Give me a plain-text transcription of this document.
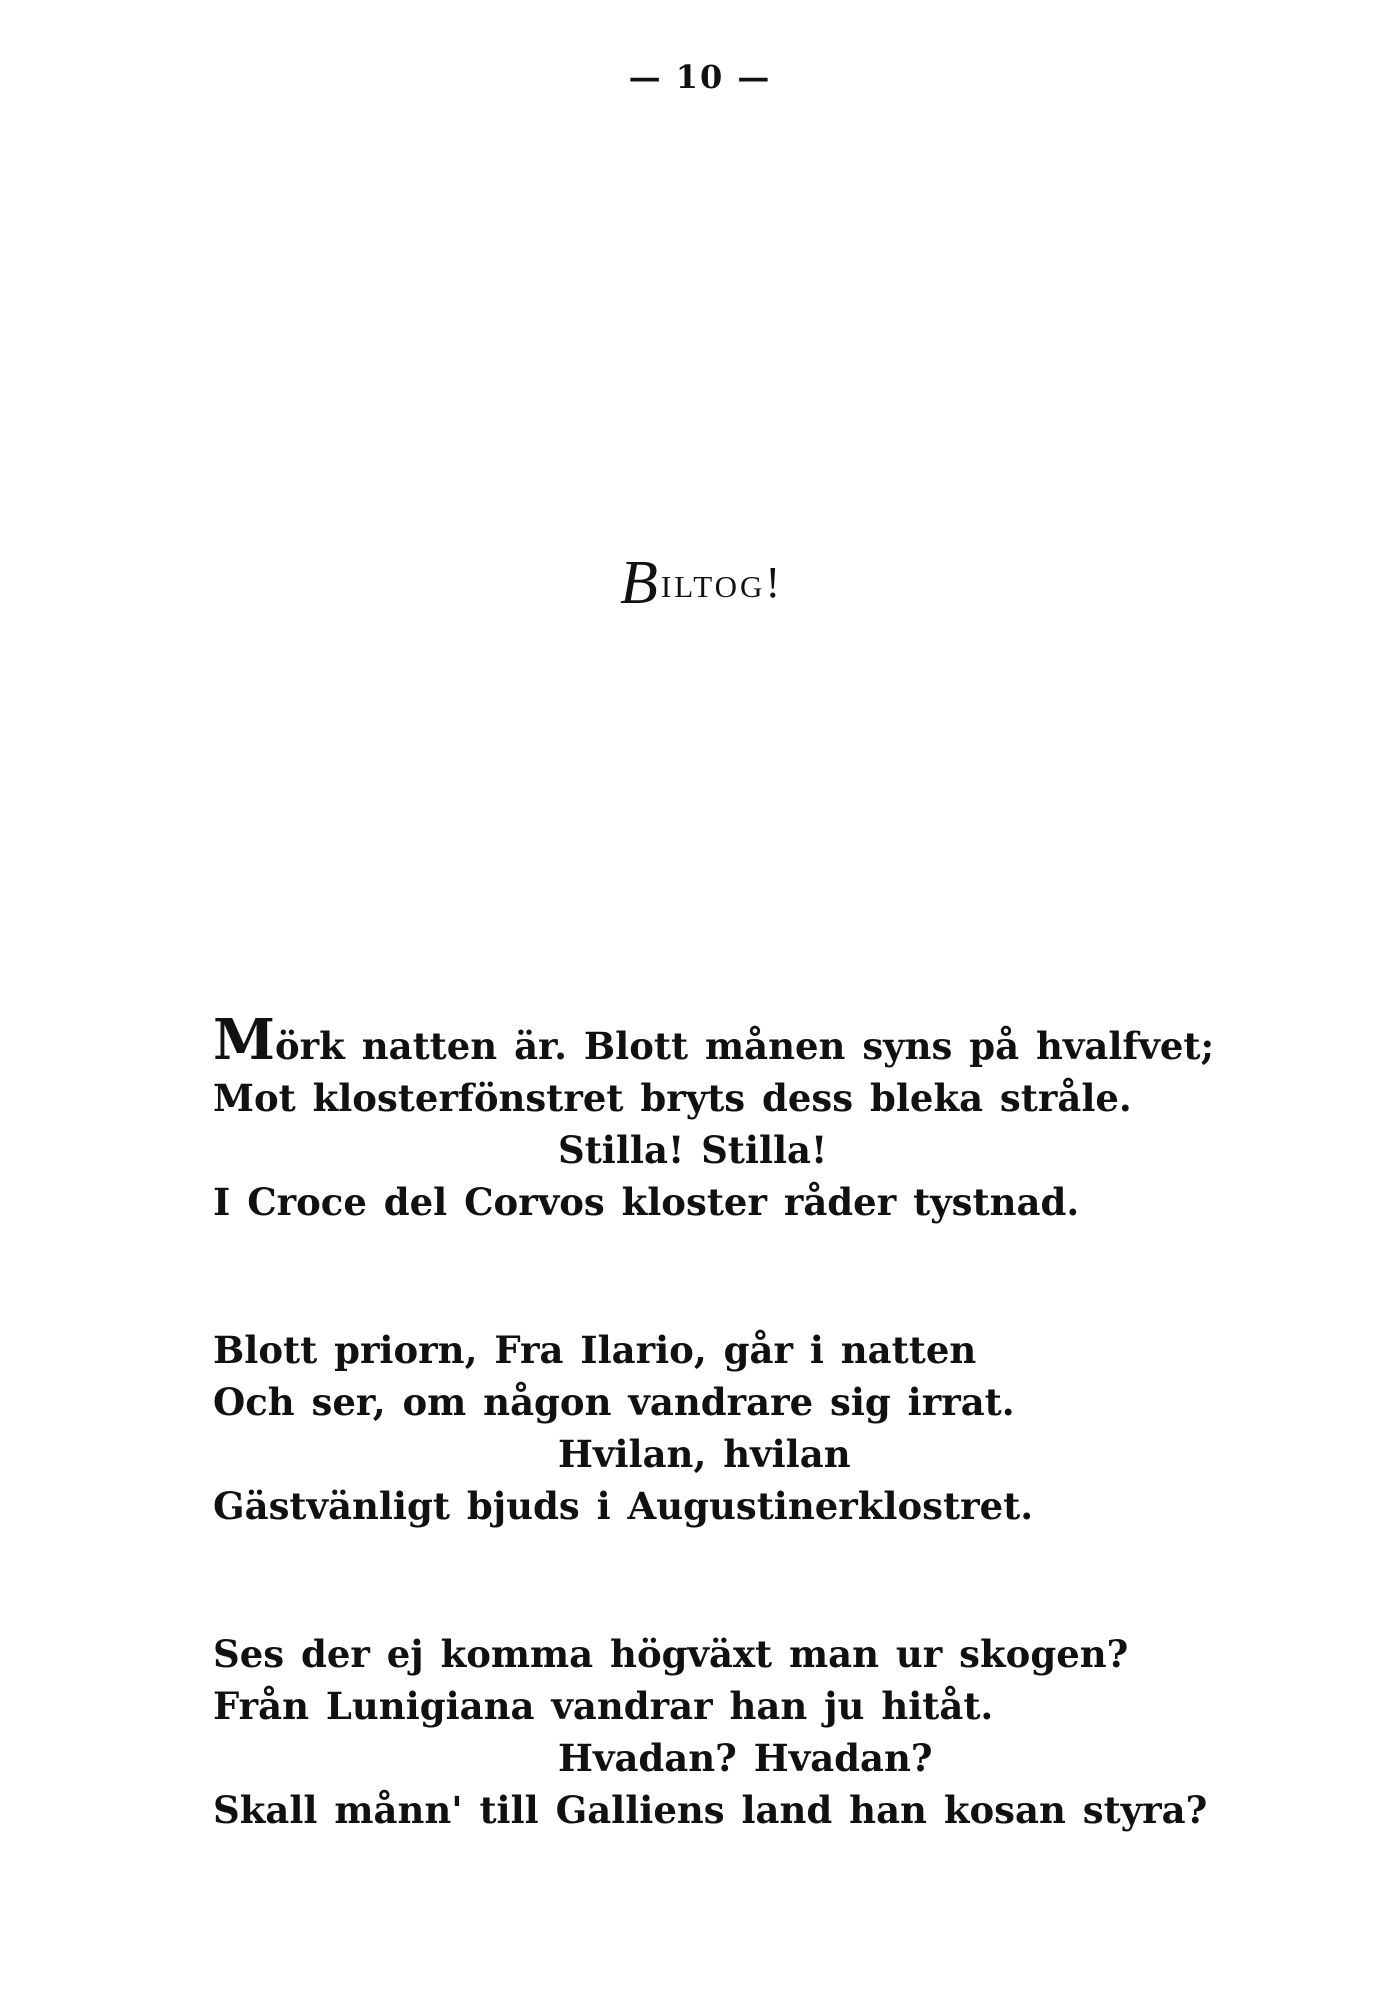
— 10 —
Biltog!
Mörk natten är. Blott månen syns på hvalfvet;
Mot klosterfönstret bryts dess bleka stråle.
Stilla! Stilla!
I Croce del Corvos kloster råder tystnad.
Blott priorn, Fra Ilario, går i natten
Och ser, om någon vandrare sig irrat.
Hvilan, hvilan
Gästvänligt bjuds i Augustinerklostret.
Ses der ej komma högväxt man ur skogen?
Från Lunigiana vandrar han ju hitåt.
Hvadan? Hvadan?
Skall månn' till Galliens land han kosan styra?
